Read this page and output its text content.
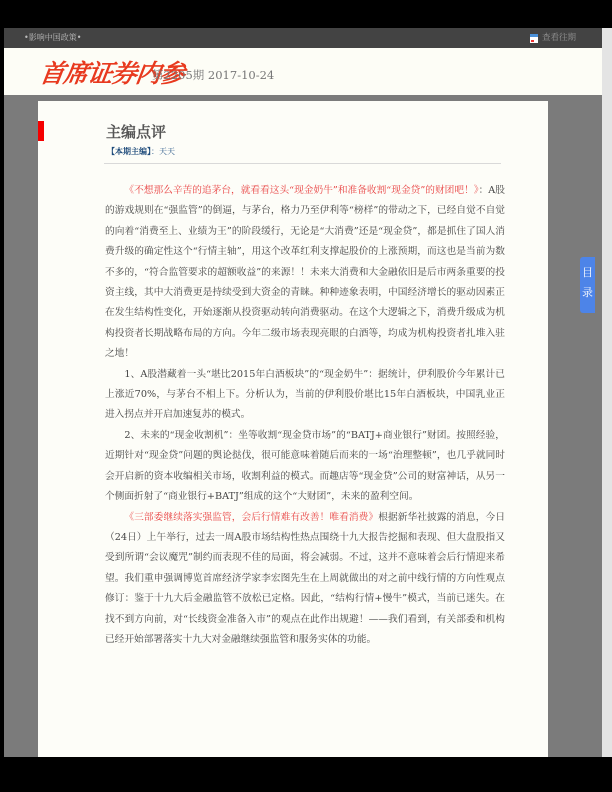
•影响中国政策•	查看往期
首席证券内参
第2205期 2017-10-24
主编点评
【本期主编】：天天

《不想那么辛苦的追茅台，就看看这头“现金奶牛”和准备收割“现金贷”的财团吧！》：A股的游戏规则在“强监管”的倒逼，与茅台，格力乃至伊利等“榜样”的带动之下，已经自觉不自觉的向着“消费至上、业绩为王”的阶段缓行，无论是“大消费”还是“现金贷”，都是抓住了国人消费升级的确定性这个“行情主轴”，用这个改革红利支撑起股价的上涨预期，而这也是当前为数不多的，“符合监管要求的超额收益”的来源！！未来大消费和大金融依旧是后市两条重要的投资主线，其中大消费更是持续受到大资金的青睐。种种迹象表明，中国经济增长的驱动因素正在发生结构性变化，开始逐渐从投资驱动转向消费驱动。在这个大逻辑之下，消费升级成为机构投资者长期战略布局的方向。今年二级市场表现亮眼的白酒等，均成为机构投资者扎堆入驻之地！

1、A股潜藏着一头“堪比2015年白酒板块”的“现金奶牛”：据统计，伊利股价今年累计已上涨近70%，与茅台不相上下。分析认为，当前的伊利股价堪比15年白酒板块，中国乳业正进入拐点并开启加速复苏的模式。

2、未来的“现金收割机”：坐等收割“现金贷市场”的“BATJ+商业银行”财团。按照经验，近期针对“现金贷”问题的舆论挞伐，很可能意味着随后而来的一场“治理整顿”，也几乎就同时会开启新的资本收编相关市场，收割利益的模式。而趣店等“现金贷”公司的财富神话，从另一个侧面折射了“商业银行+BATJ”组成的这个“大财团”，未来的盈利空间。

《三部委继续落实强监管，会后行情难有改善！唯看消费》根据新华社披露的消息，今日（24日）上午举行，过去一周A股市场结构性热点围绕十九大报告挖掘和表现、但大盘股指又受到所谓“会议魔咒”制约而表现不佳的局面，将会减弱。不过，这并不意味着会后行情迎来希望。我们重申强调博览首席经济学家李宏图先生在上周就做出的对之前中线行情的方向性观点修订：鉴于十九大后金融监管不放松已定格。因此，“结构行情+慢牛”模式，当前已迷失。在找不到方向前，对“长线资金准备入市”的观点在此作出规避！——我们看到，有关部委和机构已经开始部署落实十九大对金融继续强监管和服务实体的功能。

目录
